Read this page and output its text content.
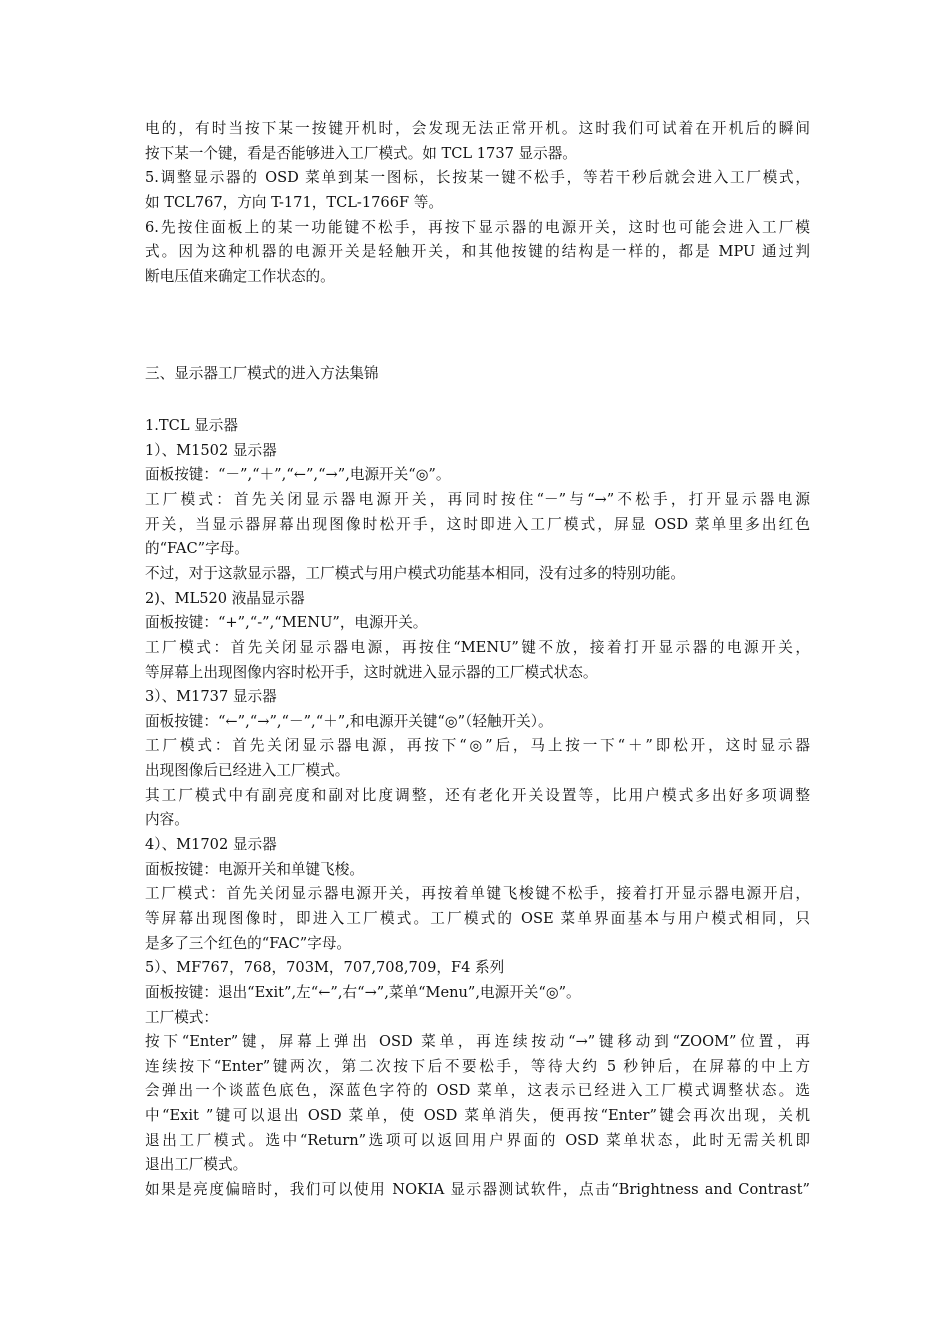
电的，有时当按下某一按键开机时，会发现无法正常开机。这时我们可试着在开机后的瞬间
按下某一个键，看是否能够进入工厂模式。如 TCL 1737 显示器。
5.调整显示器的 OSD 菜单到某一图标，长按某一键不松手，等若干秒后就会进入工厂模式，
如 TCL767，方向 T-171，TCL-1766F 等。
6.先按住面板上的某一功能键不松手，再按下显示器的电源开关，这时也可能会进入工厂模
式。因为这种机器的电源开关是轻触开关，和其他按键的结构是一样的，都是 MPU 通过判
断电压值来确定工作状态的。
三、显示器工厂模式的进入方法集锦
1.TCL 显示器
1）、M1502 显示器
面板按键：“－”,“＋”,“←”,“→”,电源开关“◎”。
工厂模式：首先关闭显示器电源开关，再同时按住“－”与“→”不松手，打开显示器电源
开关，当显示器屏幕出现图像时松开手，这时即进入工厂模式，屏显 OSD 菜单里多出红色
的“FAC”字母。
不过，对于这款显示器，工厂模式与用户模式功能基本相同，没有过多的特别功能。
2)、ML520 液晶显示器
面板按键：“+”,“-”,“MENU”，电源开关。
工厂模式：首先关闭显示器电源，再按住“MENU”键不放，接着打开显示器的电源开关，
等屏幕上出现图像内容时松开手，这时就进入显示器的工厂模式状态。
3）、M1737 显示器
面板按键：“←”,“→”,“－”,“＋”,和电源开关键“◎”（轻触开关）。
工厂模式：首先关闭显示器电源，再按下“◎”后，马上按一下“＋”即松开，这时显示器
出现图像后已经进入工厂模式。
其工厂模式中有副亮度和副对比度调整，还有老化开关设置等，比用户模式多出好多项调整
内容。
4）、M1702 显示器
面板按键：电源开关和单键飞梭。
工厂模式：首先关闭显示器电源开关，再按着单键飞梭键不松手，接着打开显示器电源开启，
等屏幕出现图像时，即进入工厂模式。工厂模式的 OSE 菜单界面基本与用户模式相同，只
是多了三个红色的“FAC”字母。
5）、MF767，768，703M，707,708,709，F4 系列
面板按键：退出“Exit”,左“←”,右“→”,菜单“Menu”,电源开关“◎”。
工厂模式：
按下“Enter”键，屏幕上弹出 OSD 菜单，再连续按动“→”键移动到“ZOOM”位置，再
连续按下“Enter”键两次，第二次按下后不要松手，等待大约 5 秒钟后，在屏幕的中上方
会弹出一个谈蓝色底色，深蓝色字符的 OSD 菜单，这表示已经进入工厂模式调整状态。选
中“Exit ”键可以退出 OSD 菜单，使 OSD 菜单消失，便再按“Enter”键会再次出现，关机
退出工厂模式。选中“Return”选项可以返回用户界面的 OSD 菜单状态，此时无需关机即
退出工厂模式。
如果是亮度偏暗时，我们可以使用 NOKIA 显示器测试软件，点击“Brightness and Contrast”
